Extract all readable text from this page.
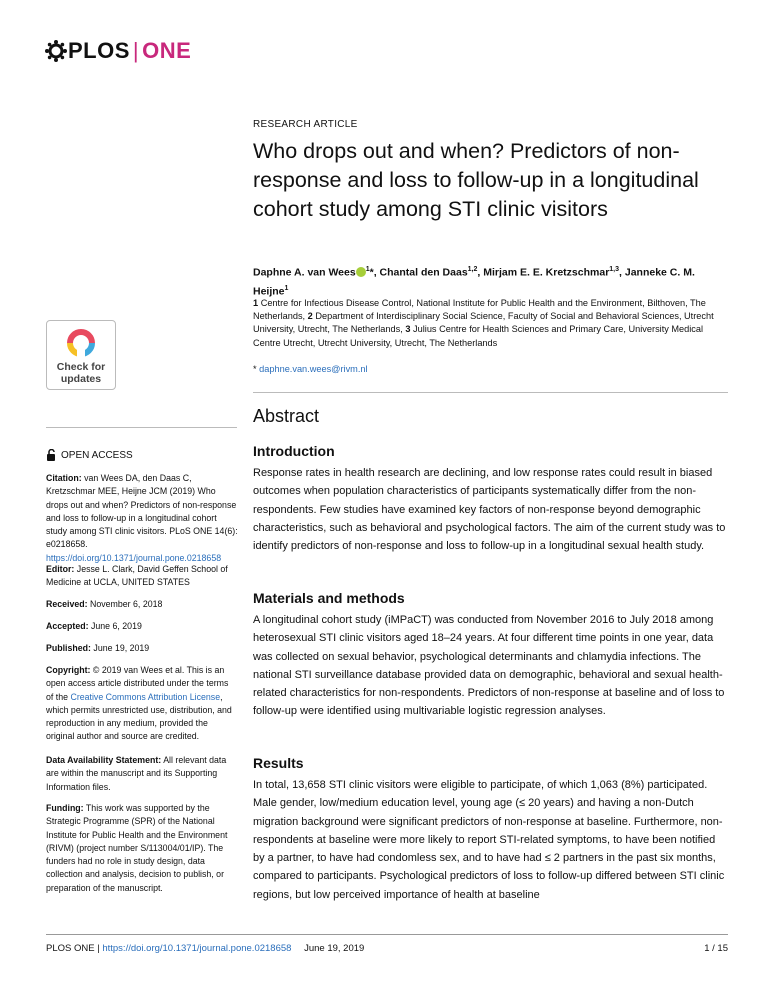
PLOS | ONE
Check for
updates
OPEN ACCESS
Citation: van Wees DA, den Daas C, Kretzschmar MEE, Heijne JCM (2019) Who drops out and when? Predictors of non-response and loss to follow-up in a longitudinal cohort study among STI clinic visitors. PLoS ONE 14(6): e0218658. https://doi.org/10.1371/journal.pone.0218658
Editor: Jesse L. Clark, David Geffen School of Medicine at UCLA, UNITED STATES
Received: November 6, 2018
Accepted: June 6, 2019
Published: June 19, 2019
Copyright: © 2019 van Wees et al. This is an open access article distributed under the terms of the Creative Commons Attribution License, which permits unrestricted use, distribution, and reproduction in any medium, provided the original author and source are credited.
Data Availability Statement: All relevant data are within the manuscript and its Supporting Information files.
Funding: This work was supported by the Strategic Programme (SPR) of the National Institute for Public Health and the Environment (RIVM) (project number S/113004/01/IP). The funders had no role in study design, data collection and analysis, decision to publish, or preparation of the manuscript.
RESEARCH ARTICLE
Who drops out and when? Predictors of non-response and loss to follow-up in a longitudinal cohort study among STI clinic visitors
Daphne A. van Wees $^1$*, Chantal den Daas$^{1,2}$, Mirjam E. E. Kretzschmar$^{1,3}$, Janneke C. M. Heijne$^1$
1 Centre for Infectious Disease Control, National Institute for Public Health and the Environment, Bilthoven, The Netherlands, 2 Department of Interdisciplinary Social Science, Faculty of Social and Behavioral Sciences, Utrecht University, Utrecht, The Netherlands, 3 Julius Centre for Health Sciences and Primary Care, University Medical Centre Utrecht, Utrecht University, Utrecht, The Netherlands
* daphne.van.wees@rivm.nl
Abstract
Introduction
Response rates in health research are declining, and low response rates could result in biased outcomes when population characteristics of participants systematically differ from the non-respondents. Few studies have examined key factors of non-response beyond demographic characteristics, such as behavioral and psychological factors. The aim of the current study was to identify predictors of non-response and loss to follow-up in a longitudinal sexual health study.
Materials and methods
A longitudinal cohort study (iMPaCT) was conducted from November 2016 to July 2018 among heterosexual STI clinic visitors aged 18–24 years. At four different time points in one year, data was collected on sexual behavior, psychological determinants and chlamydia infections. The national STI surveillance database provided data on demographic, behavioral and sexual health-related characteristics for non-respondents. Predictors of non-response at baseline and of loss to follow-up were identified using multivariable logistic regression analyses.
Results
In total, 13,658 STI clinic visitors were eligible to participate, of which 1,063 (8%) participated. Male gender, low/medium education level, young age (≤ 20 years) and having a non-Dutch migration background were significant predictors of non-response at baseline. Furthermore, non-respondents at baseline were more likely to report STI-related symptoms, to have been notified by a partner, to have had condomless sex, and to have had ≤ 2 partners in the past six months, compared to participants. Psychological predictors of loss to follow-up differed between STI clinic regions, but low perceived importance of health at baseline
PLOS ONE | https://doi.org/10.1371/journal.pone.0218658 June 19, 2019	1 / 15
